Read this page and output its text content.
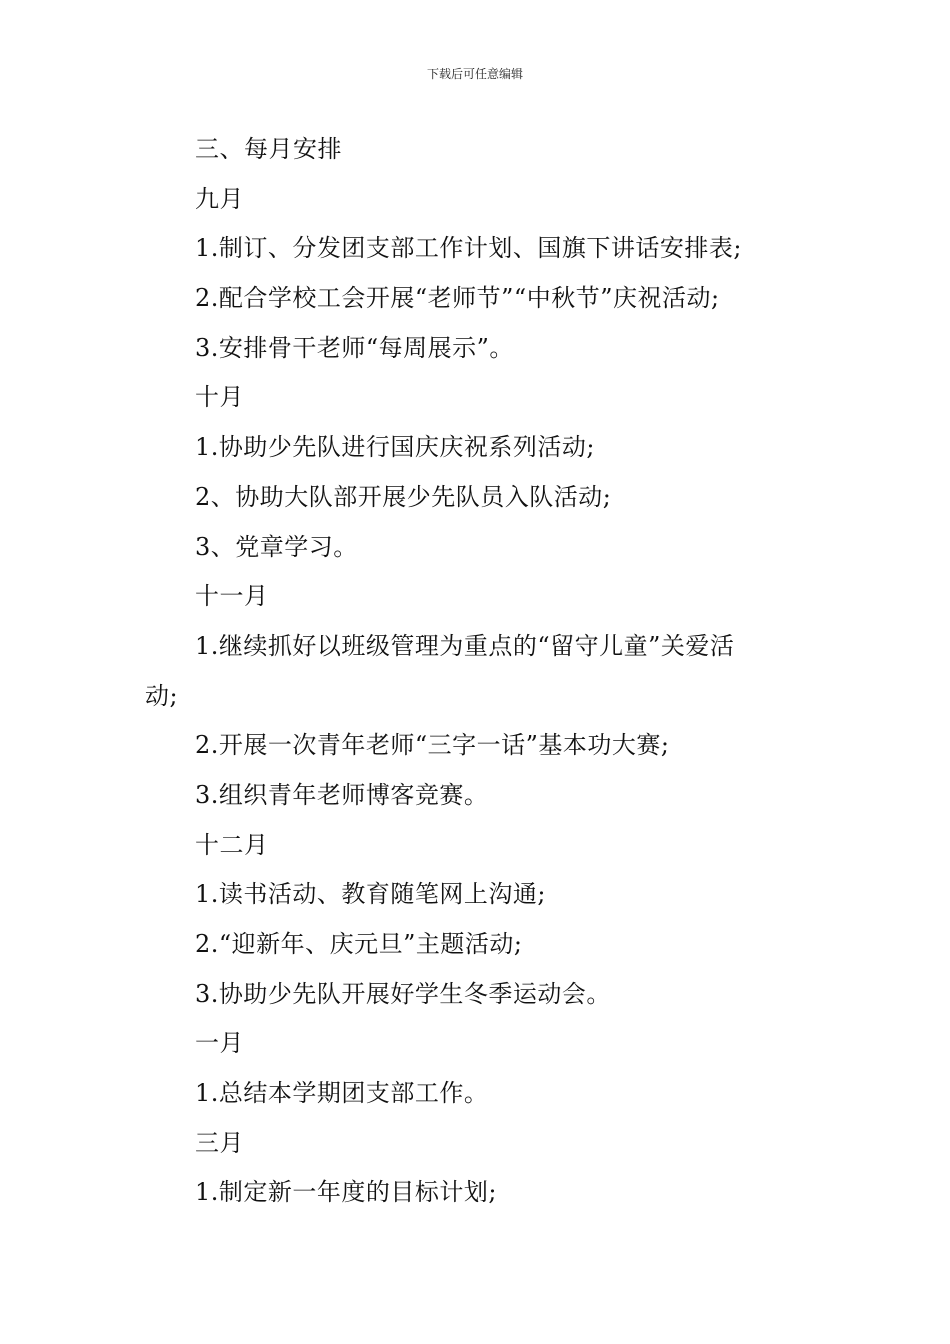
下载后可任意编辑
三、每月安排
九月
1.制订、分发团支部工作计划、国旗下讲话安排表;
2.配合学校工会开展“老师节”“中秋节”庆祝活动;
3.安排骨干老师“每周展示”。
十月
1.协助少先队进行国庆庆祝系列活动;
2、协助大队部开展少先队员入队活动;
3、党章学习。
十一月
1.继续抓好以班级管理为重点的“留守儿童”关爱活
动;
2.开展一次青年老师“三字一话”基本功大赛;
3.组织青年老师博客竞赛。
十二月
1.读书活动、教育随笔网上沟通;
2.“迎新年、庆元旦”主题活动;
3.协助少先队开展好学生冬季运动会。
一月
1.总结本学期团支部工作。
三月
1.制定新一年度的目标计划;
